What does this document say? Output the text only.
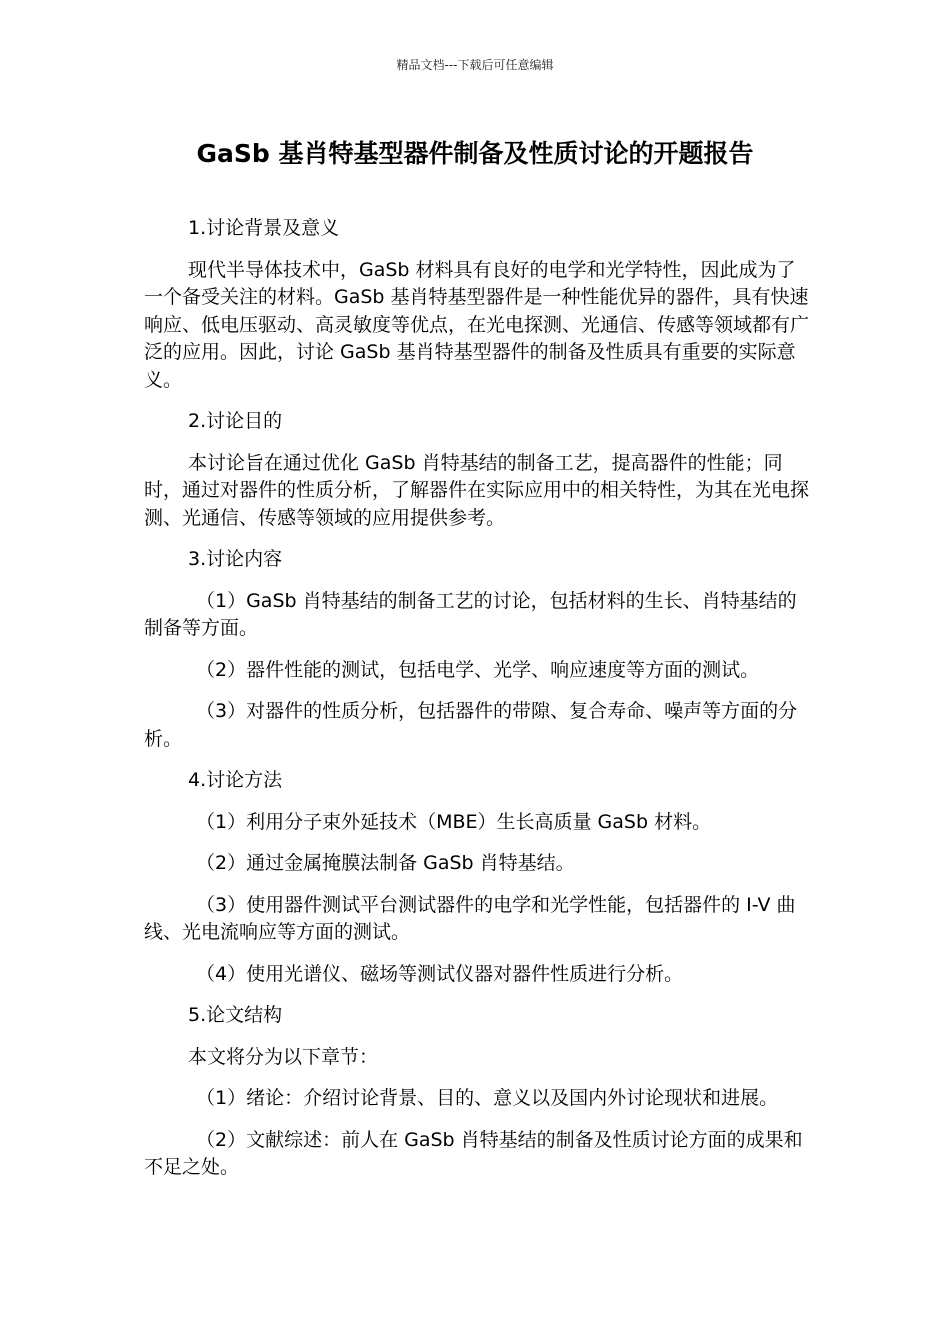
精品文档---下载后可任意编辑
GaSb 基肖特基型器件制备及性质讨论的开题报告

1.讨论背景及意义

现代半导体技术中，GaSb 材料具有良好的电学和光学特性，因此成为了一个备受关注的材料。GaSb 基肖特基型器件是一种性能优异的器件，具有快速响应、低电压驱动、高灵敏度等优点，在光电探测、光通信、传感等领域都有广泛的应用。因此，讨论 GaSb 基肖特基型器件的制备及性质具有重要的实际意义。

2.讨论目的

本讨论旨在通过优化 GaSb 肖特基结的制备工艺，提高器件的性能；同时，通过对器件的性质分析，了解器件在实际应用中的相关特性，为其在光电探测、光通信、传感等领域的应用提供参考。

3.讨论内容

（1）GaSb 肖特基结的制备工艺的讨论，包括材料的生长、肖特基结的制备等方面。

（2）器件性能的测试，包括电学、光学、响应速度等方面的测试。

（3）对器件的性质分析，包括器件的带隙、复合寿命、噪声等方面的分析。

4.讨论方法

（1）利用分子束外延技术（MBE）生长高质量 GaSb 材料。

（2）通过金属掩膜法制备 GaSb 肖特基结。

（3）使用器件测试平台测试器件的电学和光学性能，包括器件的 I-V 曲线、光电流响应等方面的测试。

（4）使用光谱仪、磁场等测试仪器对器件性质进行分析。

5.论文结构

本文将分为以下章节：

（1）绪论：介绍讨论背景、目的、意义以及国内外讨论现状和进展。

（2）文献综述：前人在 GaSb 肖特基结的制备及性质讨论方面的成果和不足之处。
